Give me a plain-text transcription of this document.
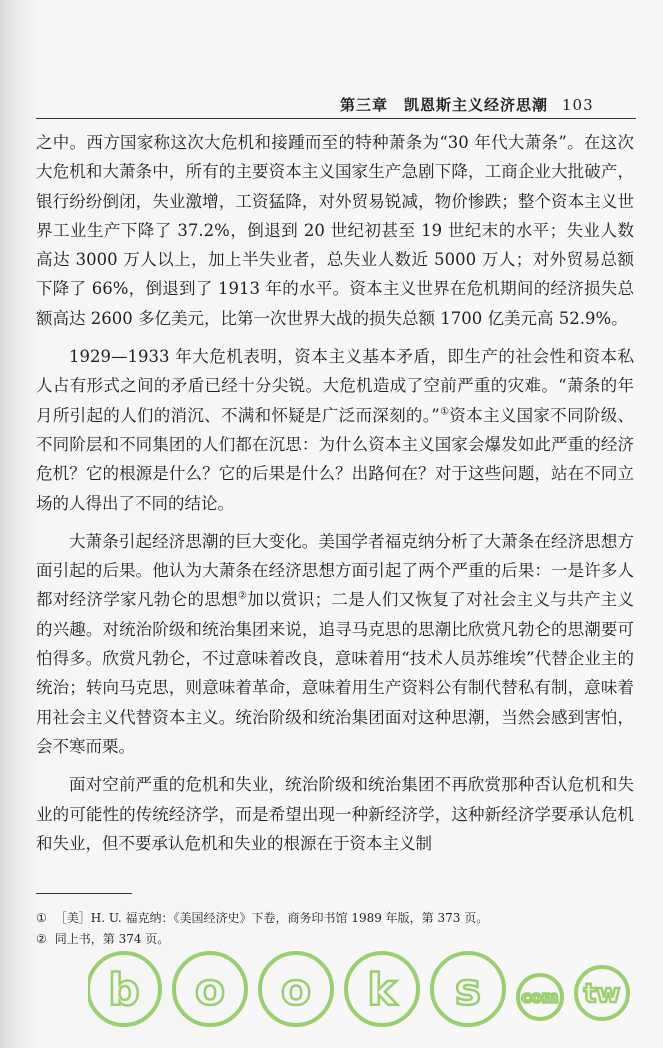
第三章　凯恩斯主义经济思潮 103

之中。西方国家称这次大危机和接踵而至的特种萧条为“30 年代大萧条”。在这次大危机和大萧条中，所有的主要资本主义国家生产急剧下降，工商企业大批破产，银行纷纷倒闭，失业激增，工资猛降，对外贸易锐减，物价惨跌；整个资本主义世界工业生产下降了 37.2%，倒退到 20 世纪初甚至 19 世纪末的水平；失业人数高达 3000 万人以上，加上半失业者，总失业人数近 5000 万人；对外贸易总额下降了 66%，倒退到了 1913 年的水平。资本主义世界在危机期间的经济损失总额高达 2600 多亿美元，比第一次世界大战的损失总额 1700 亿美元高 52.9%。

1929—1933 年大危机表明，资本主义基本矛盾，即生产的社会性和资本私人占有形式之间的矛盾已经十分尖锐。大危机造成了空前严重的灾难。“萧条的年月所引起的人们的消沉、不满和怀疑是广泛而深刻的。”①资本主义国家不同阶级、不同阶层和不同集团的人们都在沉思：为什么资本主义国家会爆发如此严重的经济危机？它的根源是什么？它的后果是什么？出路何在？对于这些问题，站在不同立场的人得出了不同的结论。

大萧条引起经济思潮的巨大变化。美国学者福克纳分析了大萧条在经济思想方面引起的后果。他认为大萧条在经济思想方面引起了两个严重的后果：一是许多人都对经济学家凡勃仑的思想②加以赏识；二是人们又恢复了对社会主义与共产主义的兴趣。对统治阶级和统治集团来说，追寻马克思的思潮比欣赏凡勃仑的思潮要可怕得多。欣赏凡勃仑，不过意味着改良，意味着用“技术人员苏维埃”代替企业主的统治；转向马克思，则意味着革命，意味着用生产资料公有制代替私有制，意味着用社会主义代替资本主义。统治阶级和统治集团面对这种思潮，当然会感到害怕，会不寒而栗。

面对空前严重的危机和失业，统治阶级和统治集团不再欣赏那种否认危机和失业的可能性的传统经济学，而是希望出现一种新经济学，这种新经济学要承认危机和失业，但不要承认危机和失业的根源在于资本主义制

① ［美］H. U. 福克纳：《美国经济史》下卷，商务印书馆 1989 年版，第 373 页。
② 同上书，第 374 页。
b o o k s	com tw
